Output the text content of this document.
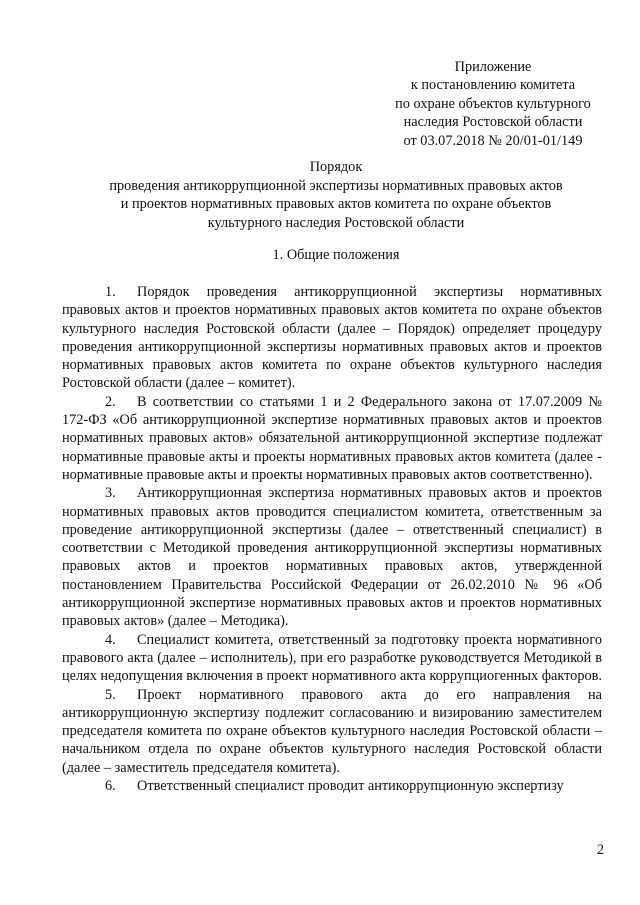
Приложение
к постановлению комитета
по охране объектов культурного
наследия Ростовской области
от 03.07.2018 № 20/01-01/149
Порядок
проведения антикоррупционной экспертизы нормативных правовых актов
и проектов нормативных правовых актов комитета по охране объектов
культурного наследия Ростовской области
1. Общие положения

1. Порядок проведения антикоррупционной экспертизы нормативных правовых актов и проектов нормативных правовых актов комитета по охране объектов культурного наследия Ростовской области (далее – Порядок) определяет процедуру проведения антикоррупционной экспертизы нормативных правовых актов и проектов нормативных правовых актов комитета по охране объектов культурного наследия Ростовской области (далее – комитет).

2. В соответствии со статьями 1 и 2 Федерального закона от 17.07.2009 № 172-ФЗ «Об антикоррупционной экспертизе нормативных правовых актов и проектов нормативных правовых актов» обязательной антикоррупционной экспертизе подлежат нормативные правовые акты и проекты нормативных правовых актов комитета (далее - нормативные правовые акты и проекты нормативных правовых актов соответственно).

3. Антикоррупционная экспертиза нормативных правовых актов и проектов нормативных правовых актов проводится специалистом комитета, ответственным за проведение антикоррупционной экспертизы (далее – ответственный специалист) в соответствии с Методикой проведения антикоррупционной экспертизы нормативных правовых актов и проектов нормативных правовых актов, утвержденной постановлением Правительства Российской Федерации от 26.02.2010 № 96 «Об антикоррупционной экспертизе нормативных правовых актов и проектов нормативных правовых актов» (далее – Методика).

4. Специалист комитета, ответственный за подготовку проекта нормативного правового акта (далее – исполнитель), при его разработке руководствуется Методикой в целях недопущения включения в проект нормативного акта коррупциогенных факторов.

5. Проект нормативного правового акта до его направления на антикоррупционную экспертизу подлежит согласованию и визированию заместителем председателя комитета по охране объектов культурного наследия Ростовской области – начальником отдела по охране объектов культурного наследия Ростовской области (далее – заместитель председателя комитета).

6. Ответственный специалист проводит антикоррупционную экспертизу

2
